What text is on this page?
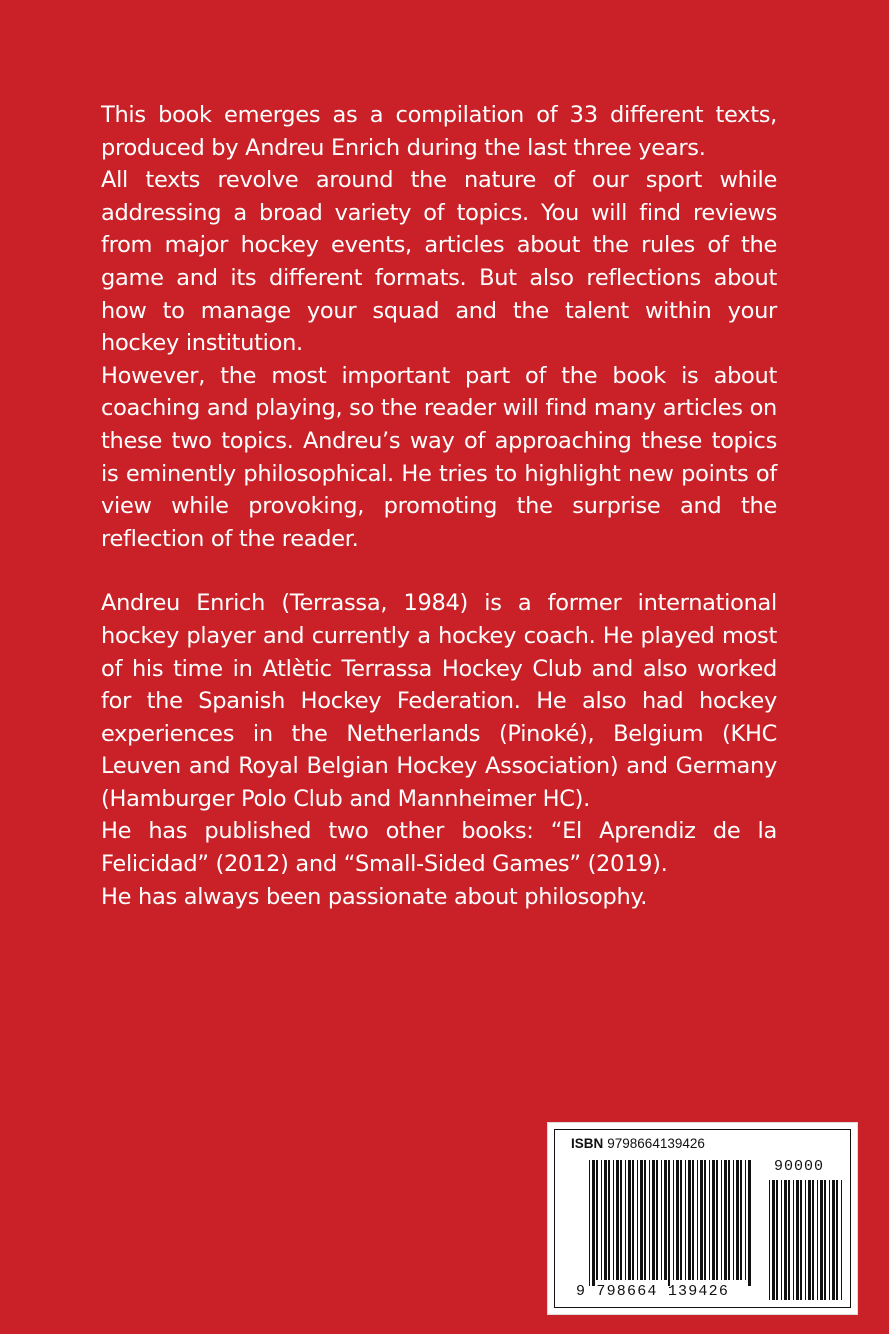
This book emerges as a compilation of 33 different texts, produced by Andreu Enrich during the last three years.

All texts revolve around the nature of our sport while addressing a broad variety of topics. You will find reviews from major hockey events, articles about the rules of the game and its different formats. But also reflections about how to manage your squad and the talent within your hockey institution.

However, the most important part of the book is about coaching and playing, so the reader will find many articles on these two topics. Andreu’s way of approaching these topics is eminently philosophical. He tries to highlight new points of view while provoking, promoting the surprise and the reflection of the reader.

Andreu Enrich (Terrassa, 1984) is a former international hockey player and currently a hockey coach. He played most of his time in Atlètic Terrassa Hockey Club and also worked for the Spanish Hockey Federation. He also had hockey experiences in the Netherlands (Pinoké), Belgium (KHC Leuven and Royal Belgian Hockey Association) and Germany (Hamburger Polo Club and Mannheimer HC).

He has published two other books: “El Aprendiz de la Felicidad” (2012) and “Small-Sided Games” (2019).

He has always been passionate about philosophy.

ISBN 9798664139426
90000
9 798664 139426
